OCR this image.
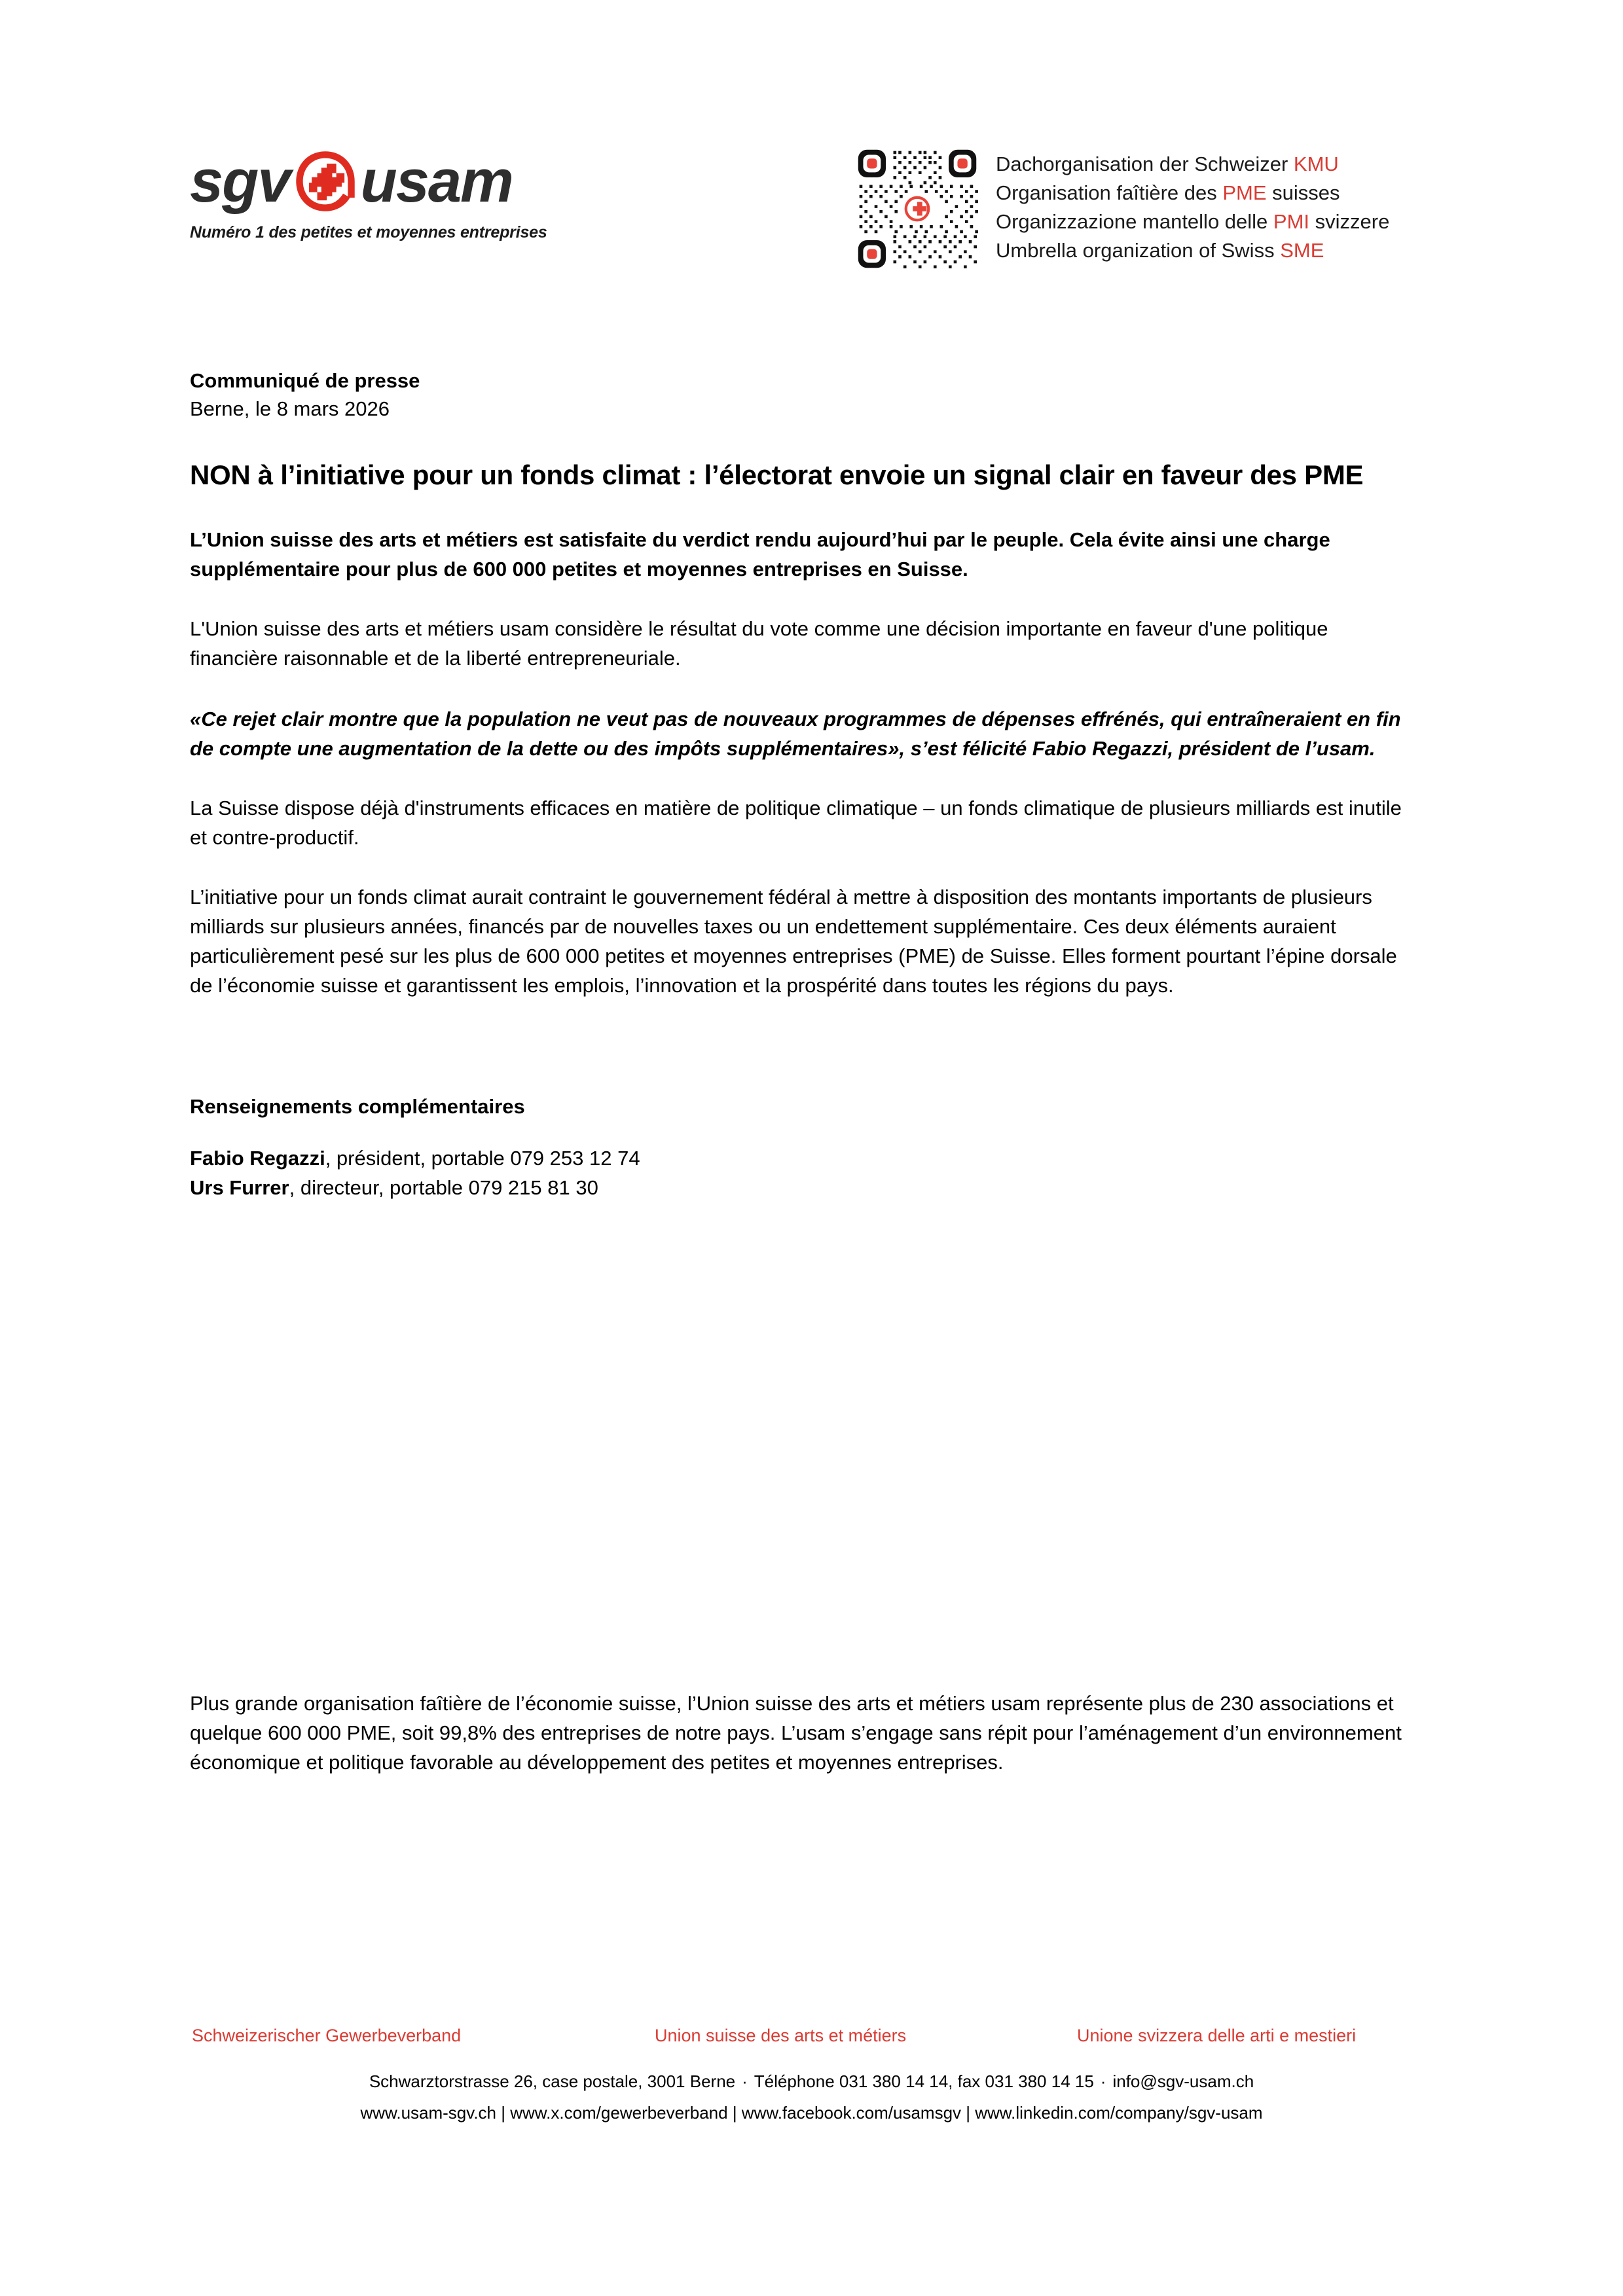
sgv usam
Numéro 1 des petites et moyennes entreprises
Dachorganisation der Schweizer KMU
Organisation faîtière des PME suisses
Organizzazione mantello delle PMI svizzere
Umbrella organization of Swiss SME
Communiqué de presse
Berne, le 8 mars 2026
NON à l’initiative pour un fonds climat : l’électorat envoie un signal clair en faveur des PME

L’Union suisse des arts et métiers est satisfaite du verdict rendu aujourd’hui par le peuple. Cela évite ainsi une charge supplémentaire pour plus de 600 000 petites et moyennes entreprises en Suisse.

L'Union suisse des arts et métiers usam considère le résultat du vote comme une décision importante en faveur d'une politique financière raisonnable et de la liberté entrepreneuriale.

«Ce rejet clair montre que la population ne veut pas de nouveaux programmes de dépenses effrénés, qui entraîneraient en fin de compte une augmentation de la dette ou des impôts supplémentaires», s’est félicité Fabio Regazzi, président de l’usam.

La Suisse dispose déjà d'instruments efficaces en matière de politique climatique – un fonds climatique de plusieurs milliards est inutile et contre-productif.

L’initiative pour un fonds climat aurait contraint le gouvernement fédéral à mettre à disposition des montants importants de plusieurs milliards sur plusieurs années, financés par de nouvelles taxes ou un endettement supplémentaire. Ces deux éléments auraient particulièrement pesé sur les plus de 600 000 petites et moyennes entreprises (PME) de Suisse. Elles forment pourtant l’épine dorsale de l’économie suisse et garantissent les emplois, l’innovation et la prospérité dans toutes les régions du pays.

Renseignements complémentaires
Fabio Regazzi, président, portable 079 253 12 74
Urs Furrer, directeur, portable 079 215 81 30

Plus grande organisation faîtière de l’économie suisse, l’Union suisse des arts et métiers usam représente plus de 230 associations et quelque 600 000 PME, soit 99,8% des entreprises de notre pays. L’usam s’engage sans répit pour l’aménagement d’un environnement économique et politique favorable au développement des petites et moyennes entreprises.

Schweizerischer Gewerbeverband	Union suisse des arts et métiers	Unione svizzera delle arti e mestieri
Schwarztorstrasse 26, case postale, 3001 Berne · Téléphone 031 380 14 14, fax 031 380 14 15 · info@sgv-usam.ch
www.usam-sgv.ch | www.x.com/gewerbeverband | www.facebook.com/usamsgv | www.linkedin.com/company/sgv-usam
